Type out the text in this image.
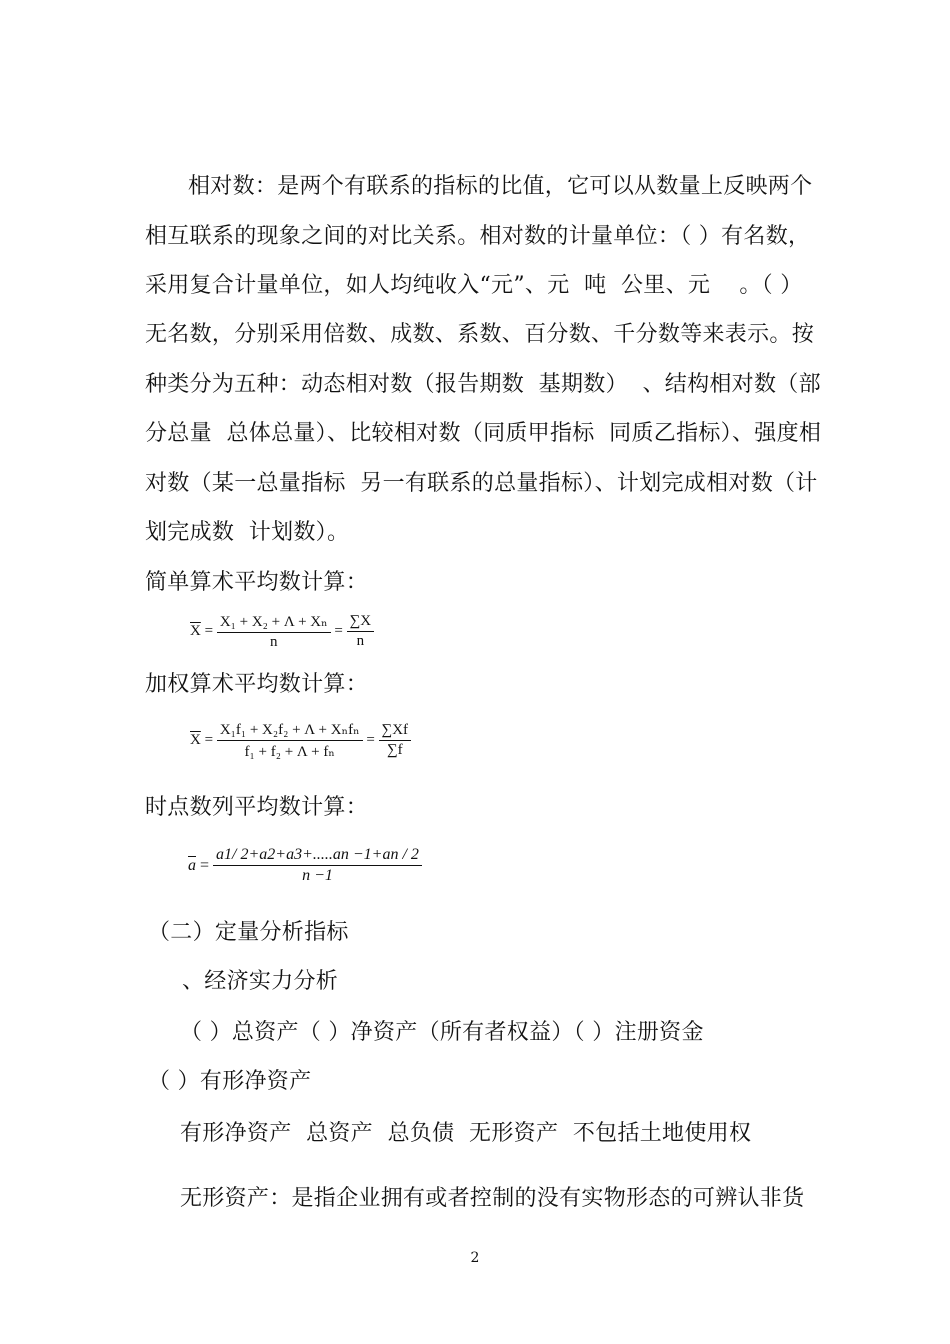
相对数：是两个有联系的指标的比值，它可以从数量上反映两个
相互联系的现象之间的对比关系。相对数的计量单位：（ ）有名数，
采用复合计量单位，如人均纯收入“元”、元  吨  公里、元    。（ ）
无名数，分别采用倍数、成数、系数、百分数、千分数等来表示。按
种类分为五种：动态相对数（报告期数  基期数）  、结构相对数（部
分总量  总体总量）、比较相对数（同质甲指标  同质乙指标）、强度相
对数（某一总量指标  另一有联系的总量指标）、计划完成相对数（计
划完成数  计划数）。
简单算术平均数计算：
$\overline{X} = \frac{\text{X₁ + X₂ + Λ + Xₙ}}{n} = \frac{\sum X}{n}$
加权算术平均数计算：
$\overline{X} = \frac{\text{X₁f₁ + X₂f₂ + Λ + Xₙfₙ}}{\text{f₁ + f₂ + Λ + fₙ}} = \frac{\sum Xf}{\sum f}$
时点数列平均数计算：
$\overline{a} = \frac{a1/ 2+a2+a3+.....an -1+an / 2}{n -1}$
（二）定量分析指标
、经济实力分析
（ ）总资产（ ）净资产（所有者权益）（ ）注册资金
（ ）有形净资产
有形净资产  总资产  总负债  无形资产  不包括土地使用权
无形资产：是指企业拥有或者控制的没有实物形态的可辨认非货
2
